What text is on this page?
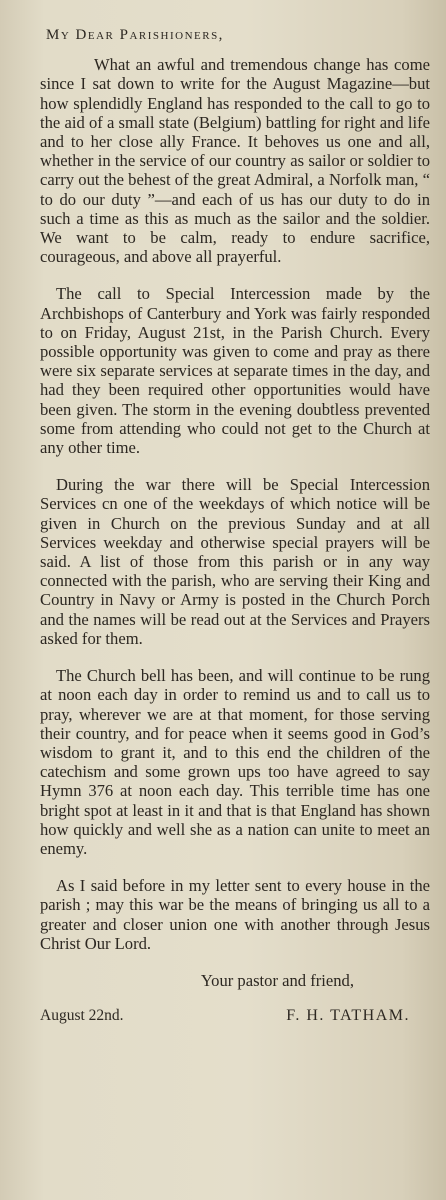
My Dear Parishioners,

What an awful and tremendous change has come since I sat down to write for the August Magazine—but how splendidly England has responded to the call to go to the aid of a small state (Belgium) battling for right and life and to her close ally France. It behoves us one and all, whether in the service of our country as sailor or soldier to carry out the behest of the great Admiral, a Norfolk man, “ to do our duty ”—and each of us has our duty to do in such a time as this as much as the sailor and the soldier. We want to be calm, ready to endure sacrifice, courageous, and above all prayerful.

The call to Special Intercession made by the Archbishops of Canterbury and York was fairly responded to on Friday, August 21st, in the Parish Church. Every possible opportunity was given to come and pray as there were six separate services at separate times in the day, and had they been required other opportunities would have been given. The storm in the evening doubtless prevented some from attending who could not get to the Church at any other time.

During the war there will be Special Intercession Services cn one of the weekdays of which notice will be given in Church on the previous Sunday and at all Services weekday and otherwise special prayers will be said. A list of those from this parish or in any way connected with the parish, who are serving their King and Country in Navy or Army is posted in the Church Porch and the names will be read out at the Services and Prayers asked for them.

The Church bell has been, and will continue to be rung at noon each day in order to remind us and to call us to pray, wherever we are at that moment, for those serving their country, and for peace when it seems good in God’s wisdom to grant it, and to this end the children of the catechism and some grown ups too have agreed to say Hymn 376 at noon each day. This terrible time has one bright spot at least in it and that is that England has shown how quickly and well she as a nation can unite to meet an enemy.

As I said before in my letter sent to every house in the parish ; may this war be the means of bringing us all to a greater and closer union one with another through Jesus Christ Our Lord.

Your pastor and friend,
August 22nd.	F. H. TATHAM.
